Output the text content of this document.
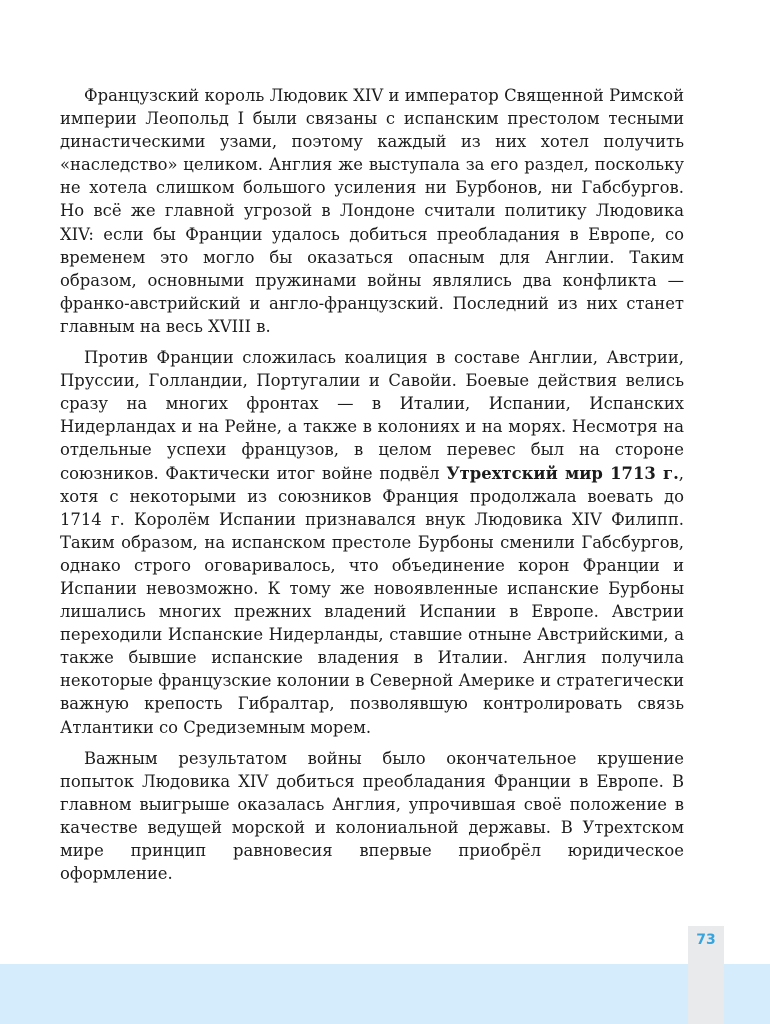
73

Французский король Людовик XIV и император Священной Римской империи Леопольд I были связаны с испанским престолом тесными династическими узами, поэтому каждый из них хотел получить «наследство» целиком. Англия же выступала за его раздел, поскольку не хотела слишком большого усиления ни Бурбонов, ни Габсбургов. Но всё же главной угрозой в Лондоне считали политику Людовика XIV: если бы Франции удалось добиться преобладания в Европе, со временем это могло бы оказаться опасным для Англии. Таким образом, основными пружинами войны являлись два конфликта — франко-австрийский и англо-французский. Последний из них станет главным на весь XVIII в.

Против Франции сложилась коалиция в составе Англии, Австрии, Пруссии, Голландии, Португалии и Савойи. Боевые действия велись сразу на многих фронтах — в Италии, Испании, Испанских Нидерландах и на Рейне, а также в колониях и на морях. Несмотря на отдельные успехи французов, в целом перевес был на стороне союзников. Фактически итог войне подвёл Утрехтский мир 1713 г., хотя с некоторыми из союзников Франция продолжала воевать до 1714 г. Королём Испании признавался внук Людовика XIV Филипп. Таким образом, на испанском престоле Бурбоны сменили Габсбургов, однако строго оговаривалось, что объединение корон Франции и Испании невозможно. К тому же новоявленные испанские Бурбоны лишались многих прежних владений Испании в Европе. Австрии переходили Испанские Нидерланды, ставшие отныне Австрийскими, а также бывшие испанские владения в Италии. Англия получила некоторые французские колонии в Северной Америке и стратегически важную крепость Гибралтар, позволявшую контролировать связь Атлантики со Средиземным морем.

Важным результатом войны было окончательное крушение попыток Людовика XIV добиться преобладания Франции в Европе. В главном выигрыше оказалась Англия, упрочившая своё положение в качестве ведущей морской и колониальной державы. В Утрехтском мире принцип равновесия впервые приобрёл юридическое оформление.
